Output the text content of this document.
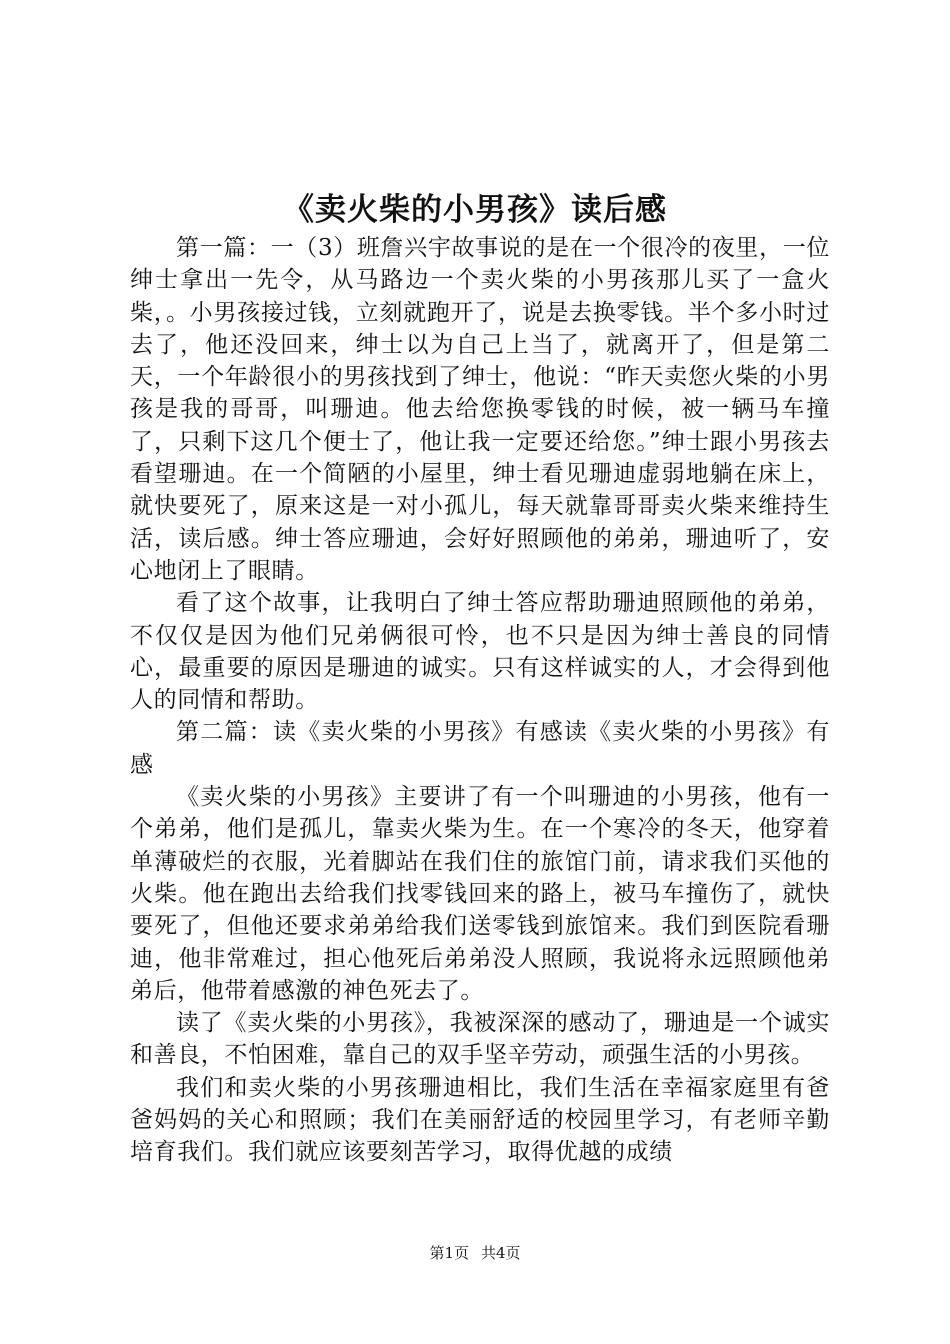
《卖火柴的小男孩》读后感

第一篇：一（3）班詹兴宇故事说的是在一个很冷的夜里，一位绅士拿出一先令，从马路边一个卖火柴的小男孩那儿买了一盒火柴，。小男孩接过钱，立刻就跑开了，说是去换零钱。半个多小时过去了，他还没回来，绅士以为自己上当了，就离开了，但是第二天，一个年龄很小的男孩找到了绅士，他说：“昨天卖您火柴的小男孩是我的哥哥，叫珊迪。他去给您换零钱的时候，被一辆马车撞了，只剩下这几个便士了，他让我一定要还给您。”绅士跟小男孩去看望珊迪。在一个简陋的小屋里，绅士看见珊迪虚弱地躺在床上，就快要死了，原来这是一对小孤儿，每天就靠哥哥卖火柴来维持生活，读后感。绅士答应珊迪，会好好照顾他的弟弟，珊迪听了，安心地闭上了眼睛。

看了这个故事，让我明白了绅士答应帮助珊迪照顾他的弟弟，不仅仅是因为他们兄弟俩很可怜，也不只是因为绅士善良的同情心，最重要的原因是珊迪的诚实。只有这样诚实的人，才会得到他人的同情和帮助。

第二篇：读《卖火柴的小男孩》有感读《卖火柴的小男孩》有感

《卖火柴的小男孩》主要讲了有一个叫珊迪的小男孩，他有一个弟弟，他们是孤儿，靠卖火柴为生。在一个寒冷的冬天，他穿着单薄破烂的衣服，光着脚站在我们住的旅馆门前，请求我们买他的火柴。他在跑出去给我们找零钱回来的路上，被马车撞伤了，就快要死了，但他还要求弟弟给我们送零钱到旅馆来。我们到医院看珊迪，他非常难过，担心他死后弟弟没人照顾，我说将永远照顾他弟弟后，他带着感激的神色死去了。

读了《卖火柴的小男孩》，我被深深的感动了，珊迪是一个诚实和善良，不怕困难，靠自己的双手坚辛劳动，顽强生活的小男孩。

我们和卖火柴的小男孩珊迪相比，我们生活在幸福家庭里有爸爸妈妈的关心和照顾；我们在美丽舒适的校园里学习，有老师辛勤培育我们。我们就应该要刻苦学习，取得优越的成绩

第1页 共4页
